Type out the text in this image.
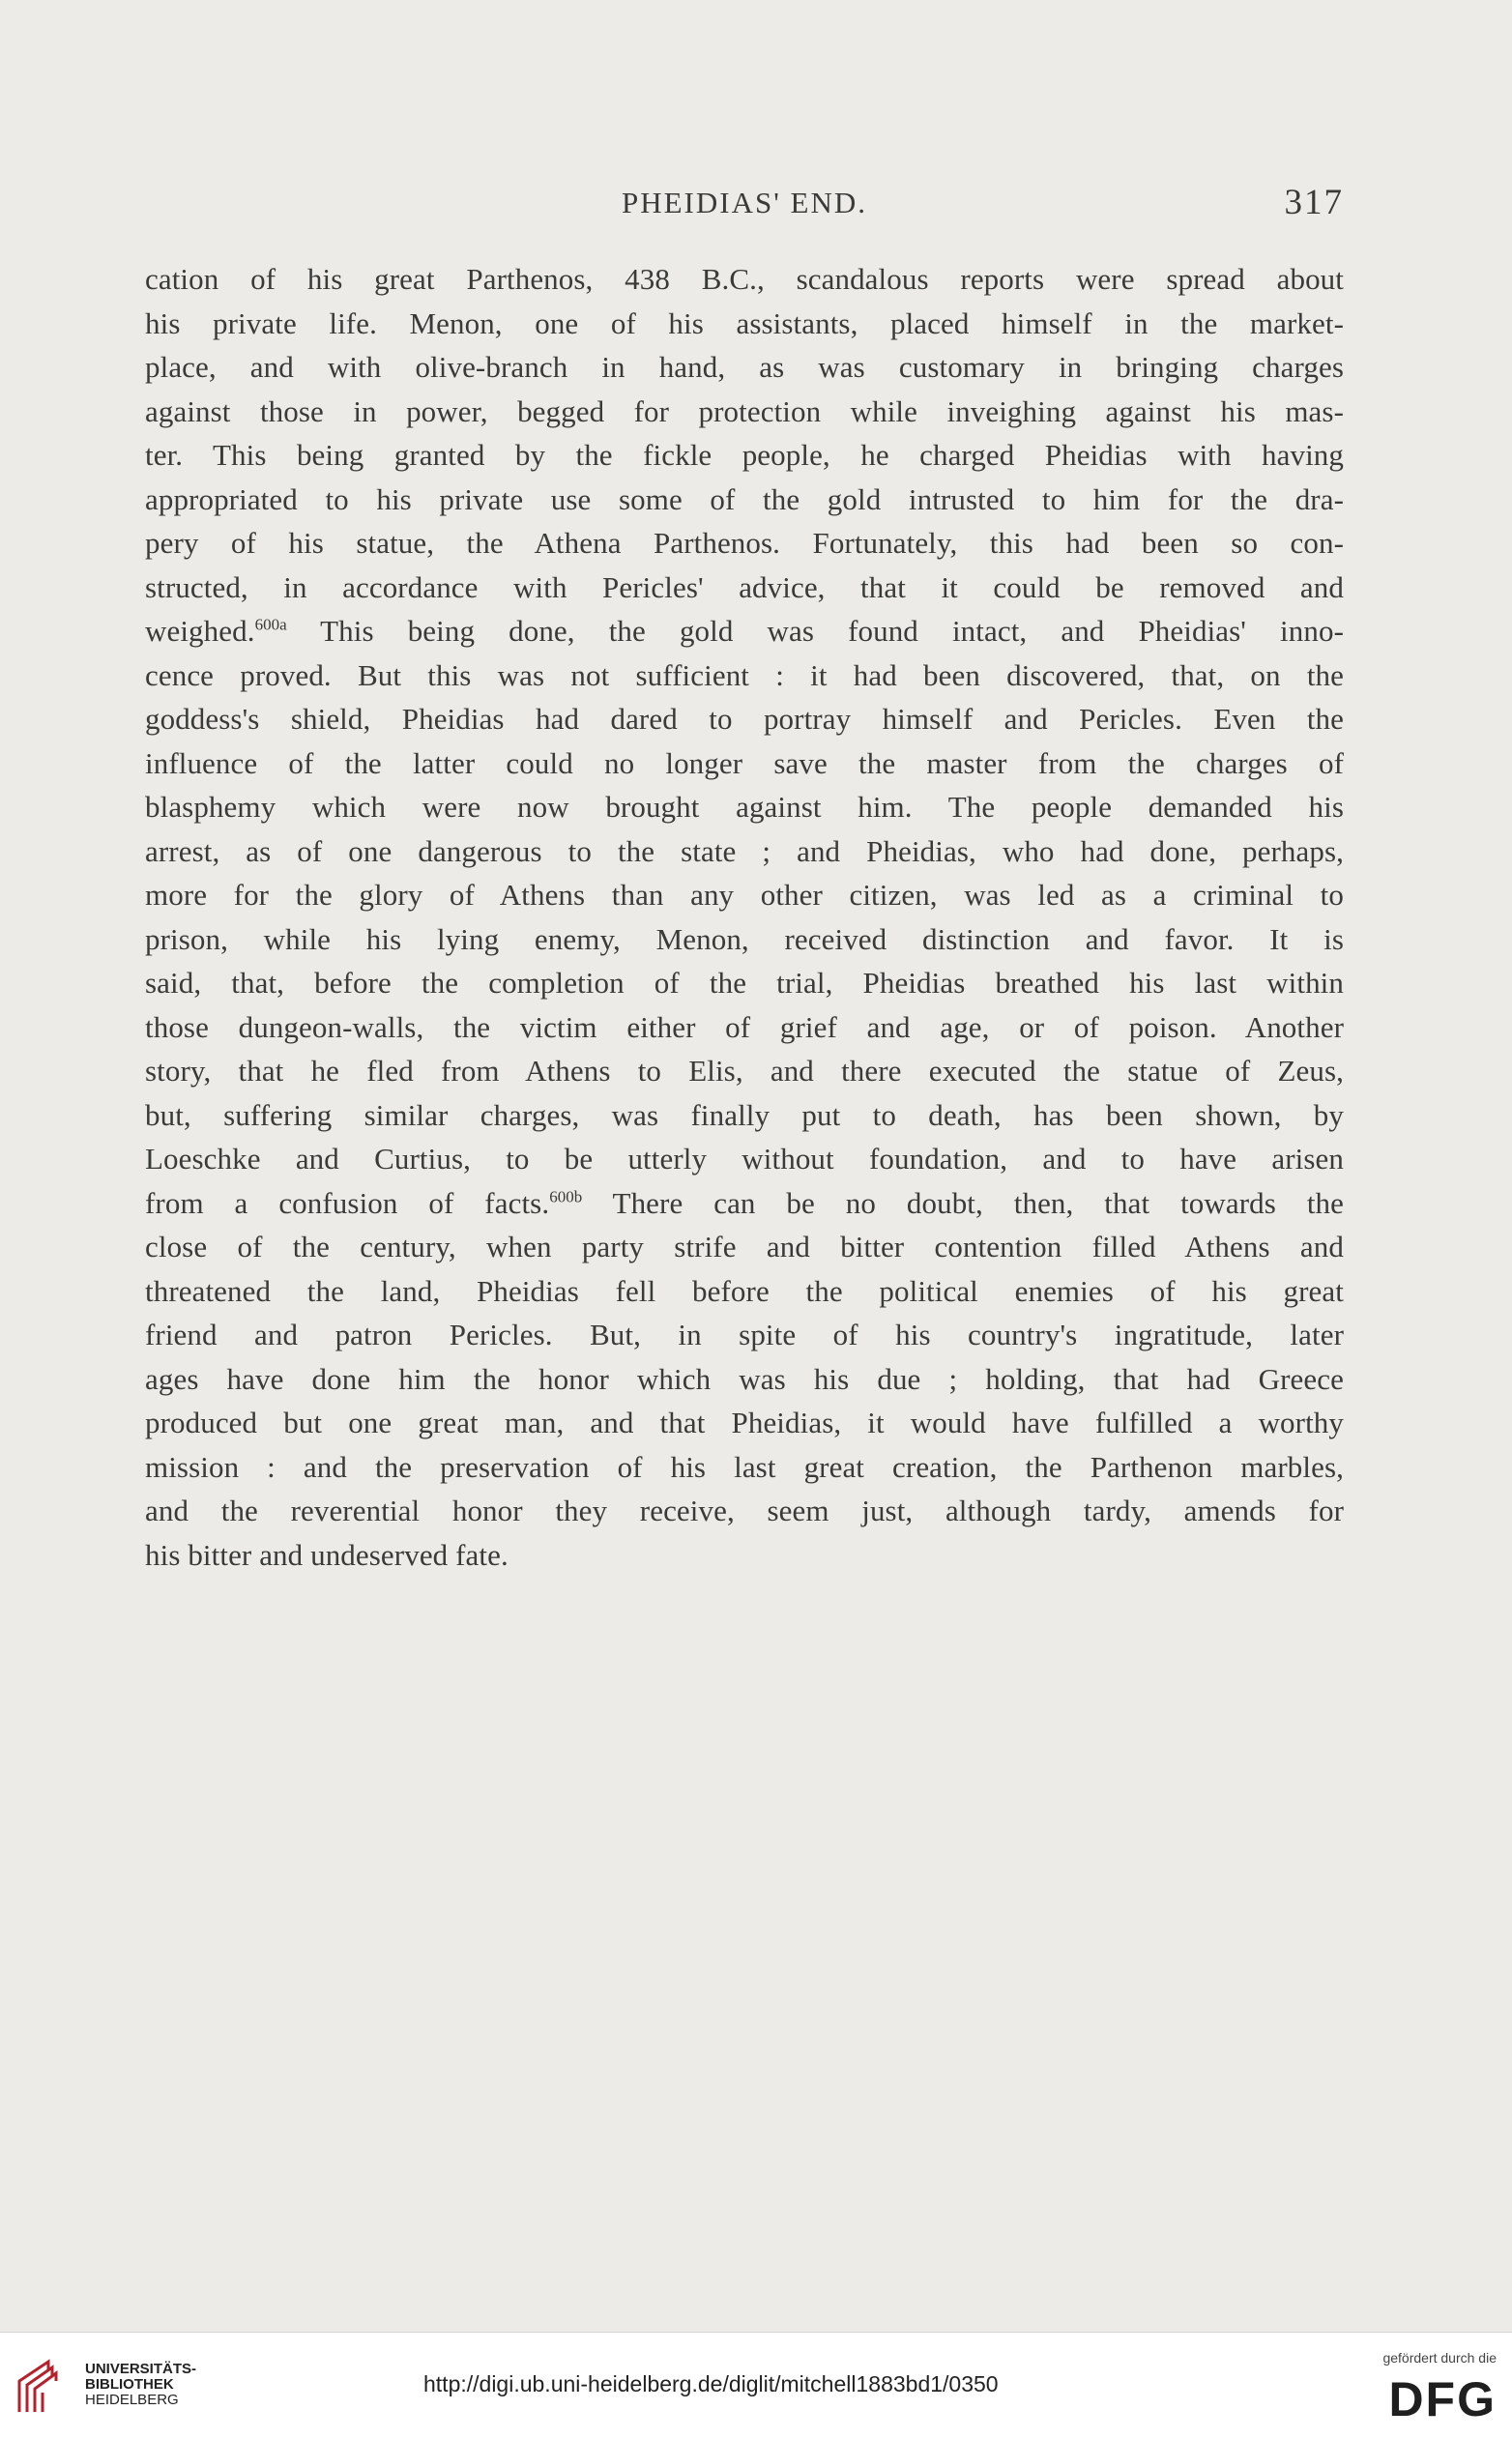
PHEIDIAS' END.	317
cation of his great Parthenos, 438 B.C., scandalous reports were spread about
his private life. Menon, one of his assistants, placed himself in the market-
place, and with olive-branch in hand, as was customary in bringing charges
against those in power, begged for protection while inveighing against his mas-
ter. This being granted by the fickle people, he charged Pheidias with having
appropriated to his private use some of the gold intrusted to him for the dra-
pery of his statue, the Athena Parthenos. Fortunately, this had been so con-
structed, in accordance with Pericles' advice, that it could be removed and
weighed.$^{600a}$ This being done, the gold was found intact, and Pheidias' inno-
cence proved. But this was not sufficient : it had been discovered, that, on the
goddess's shield, Pheidias had dared to portray himself and Pericles. Even the
influence of the latter could no longer save the master from the charges of
blasphemy which were now brought against him. The people demanded his
arrest, as of one dangerous to the state ; and Pheidias, who had done, perhaps,
more for the glory of Athens than any other citizen, was led as a criminal to
prison, while his lying enemy, Menon, received distinction and favor. It is
said, that, before the completion of the trial, Pheidias breathed his last within
those dungeon-walls, the victim either of grief and age, or of poison. Another
story, that he fled from Athens to Elis, and there executed the statue of Zeus,
but, suffering similar charges, was finally put to death, has been shown, by
Loeschke and Curtius, to be utterly without foundation, and to have arisen
from a confusion of facts.$^{600b}$ There can be no doubt, then, that towards the
close of the century, when party strife and bitter contention filled Athens and
threatened the land, Pheidias fell before the political enemies of his great
friend and patron Pericles. But, in spite of his country's ingratitude, later
ages have done him the honor which was his due ; holding, that had Greece
produced but one great man, and that Pheidias, it would have fulfilled a worthy
mission : and the preservation of his last great creation, the Parthenon marbles,
and the reverential honor they receive, seem just, although tardy, amends for
his bitter and undeserved fate.
UNIVERSITÄTS-
BIBLIOTHEK
HEIDELBERG
http://digi.ub.uni-heidelberg.de/diglit/mitchell1883bd1/0350
gefördert durch die
DFG
